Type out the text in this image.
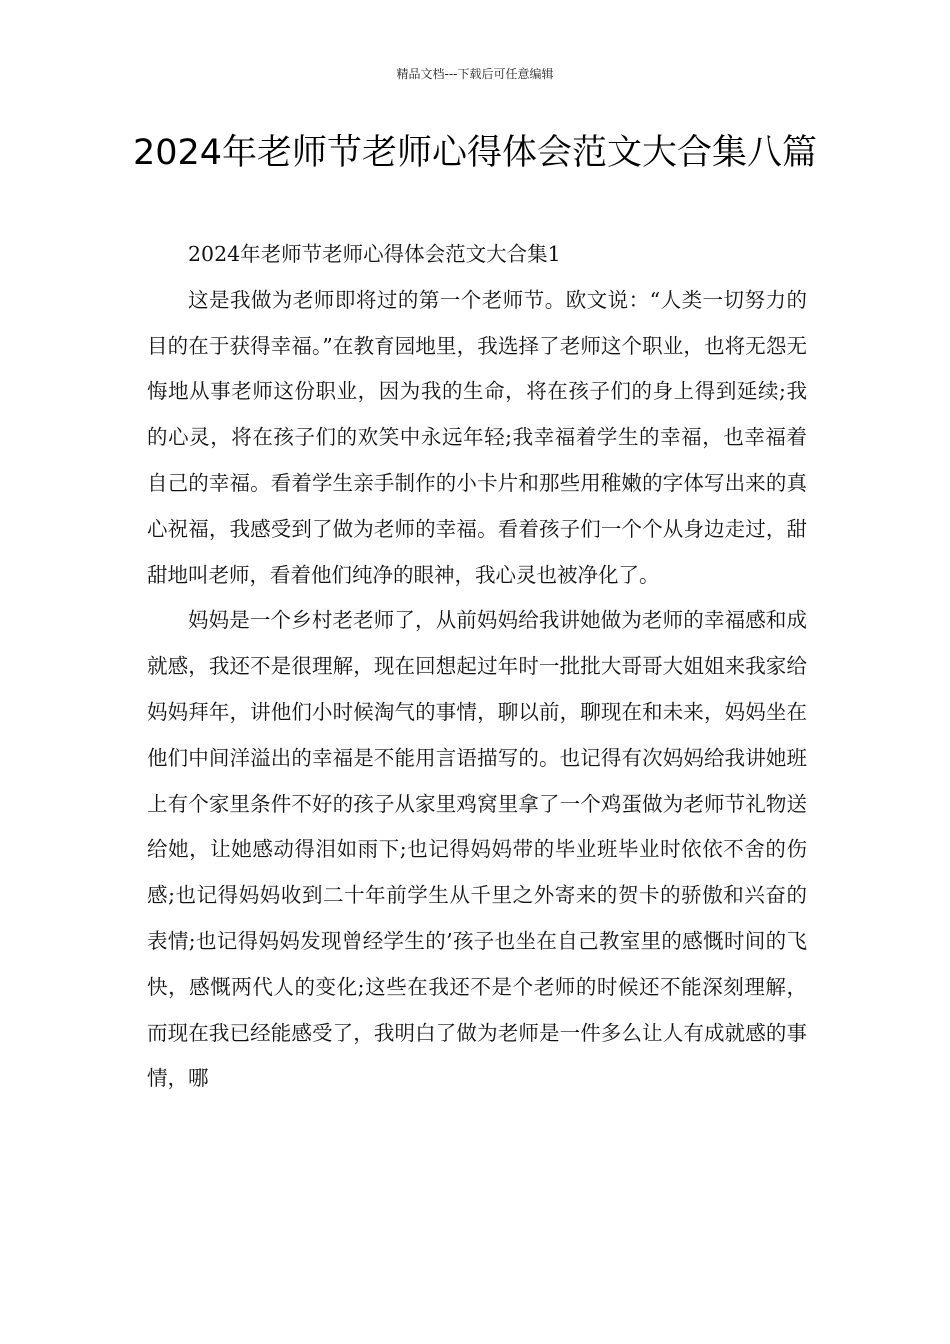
精品文档---下载后可任意编辑
2024年老师节老师心得体会范文大合集八篇

2024年老师节老师心得体会范文大合集1

这是我做为老师即将过的第一个老师节。欧文说：“人类一切努力的目的在于获得幸福。”在教育园地里，我选择了老师这个职业，也将无怨无悔地从事老师这份职业，因为我的生命，将在孩子们的身上得到延续;我的心灵，将在孩子们的欢笑中永远年轻;我幸福着学生的幸福，也幸福着自己的幸福。看着学生亲手制作的小卡片和那些用稚嫩的字体写出来的真心祝福，我感受到了做为老师的幸福。看着孩子们一个个从身边走过，甜甜地叫老师，看着他们纯净的眼神，我心灵也被净化了。

妈妈是一个乡村老老师了，从前妈妈给我讲她做为老师的幸福感和成就感，我还不是很理解，现在回想起过年时一批批大哥哥大姐姐来我家给妈妈拜年，讲他们小时候淘气的事情，聊以前，聊现在和未来，妈妈坐在他们中间洋溢出的幸福是不能用言语描写的。也记得有次妈妈给我讲她班上有个家里条件不好的孩子从家里鸡窝里拿了一个鸡蛋做为老师节礼物送给她，让她感动得泪如雨下;也记得妈妈带的毕业班毕业时依依不舍的伤感;也记得妈妈收到二十年前学生从千里之外寄来的贺卡的骄傲和兴奋的表情;也记得妈妈发现曾经学生的’孩子也坐在自己教室里的感慨时间的飞快，感慨两代人的变化;这些在我还不是个老师的时候还不能深刻理解，而现在我已经能感受了，我明白了做为老师是一件多么让人有成就感的事情，哪
